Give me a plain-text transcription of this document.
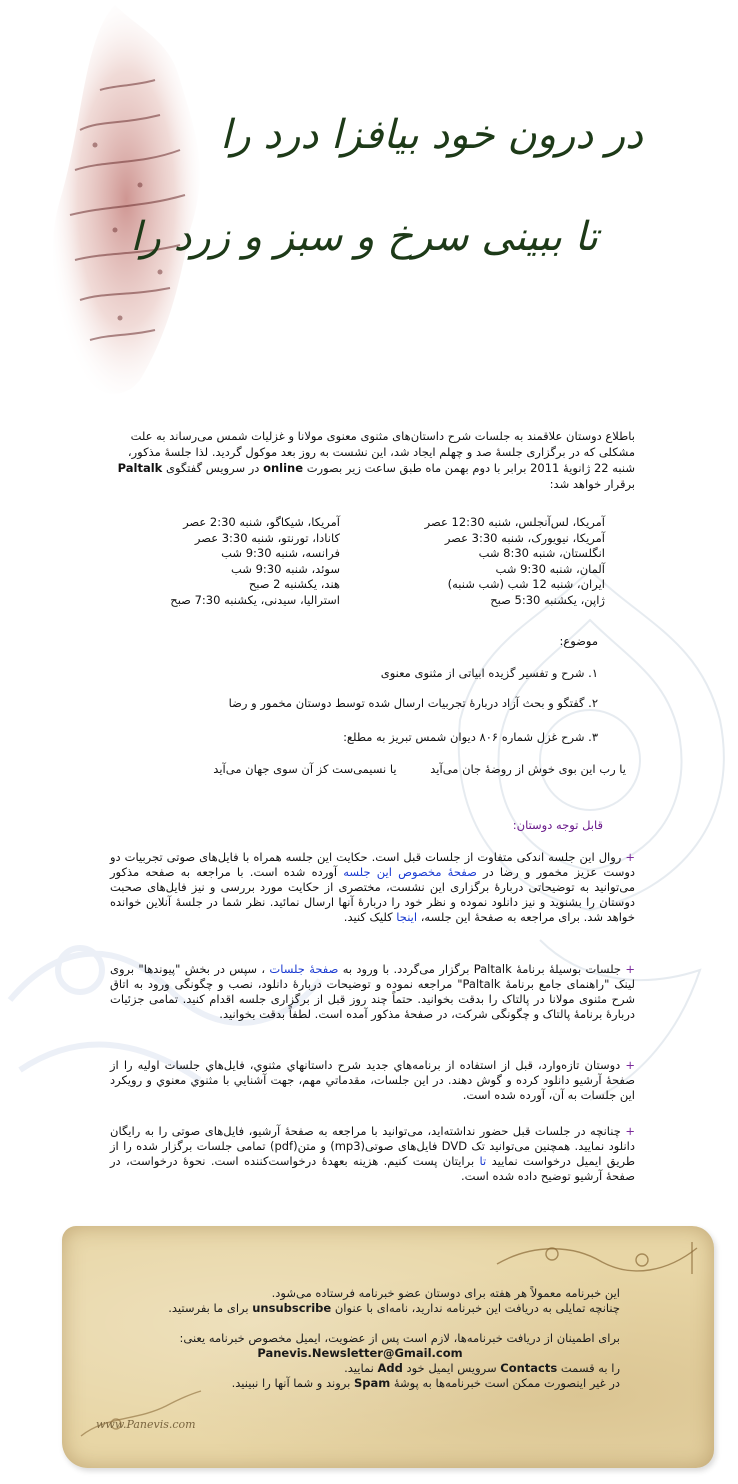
در درون خود بیافزا درد را
تا ببینی سرخ و سبز و زرد را
باطلاع دوستان علاقمند به جلسات شرح داستان‌های مثنوی معنوی مولانا و غزلیات شمس می‌رساند به علت مشکلی که در برگزاری جلسهٔ صد و چهلم ایجاد شد، این نشست به روز بعد موکول گردید. لذا جلسهٔ مذکور، شنبه 22 ژانویهٔ 2011 برابر با دوم بهمن ماه طبق ساعت زیر بصورت online در سرویس گفتگوی Paltalk برقرار خواهد شد:
آمریکا، لس‌آنجلس، شنبه 12:30 عصر
آمریکا، شیکاگو، شنبه 2:30 عصر
آمریکا، نیویورک، شنبه 3:30 عصر
کانادا، تورنتو، شنبه 3:30 عصر
انگلستان، شنبه 8:30 شب
فرانسه، شنبه 9:30 شب
آلمان، شنبه 9:30 شب
سوئد، شنبه 9:30 شب
ایران، شنبه 12 شب (شب شنبه)
هند، یکشنبه 2 صبح
ژاپن، یکشنبه 5:30 صبح
استرالیا، سیدنی، یکشنبه 7:30 صبح
موضوع:
۱. شرح و تفسیر گزیده ابیاتی از مثنوی معنوی
۲. گفتگو و بحث آزاد دربارهٔ تجربیات ارسال شده توسط دوستان مخمور و رضا
۳. شرح غزل شماره ۸۰۶ دیوان شمس تبریز به مطلع:
یا رب این بوی خوش از روضهٔ جان می‌آید یا نسیمی‌ست کز آن سوی جهان می‌آید
قابل توجه دوستان:
+ روال این جلسه اندکی متفاوت از جلسات قبل است. حکایت این جلسه همراه با فایل‌های صوتی تجربیات دو دوست عزیز مخمور و رضا در صفحهٔ مخصوص این جلسه آورده شده است. با مراجعه به صفحه مذکور می‌توانید به توضیحاتی دربارهٔ برگزاری این نشست، مختصری از حکایت مورد بررسی و نیز فایل‌های صحبت دوستان را بشنوید و نیز دانلود نموده و نظر خود را دربارهٔ آنها ارسال نمائید. نظر شما در جلسهٔ آنلاین خوانده خواهد شد. برای مراجعه به صفحهٔ این جلسه، اینجا کلیک کنید.
+ جلسات بوسیلهٔ برنامهٔ Paltalk برگزار می‌گردد. با ورود به صفحهٔ جلسات ، سپس در بخش "پیوندها" بروی لینک "راهنمای جامع برنامهٔ Paltalk" مراجعه نموده و توضیحات دربارهٔ دانلود، نصب و چگونگی ورود به اتاق شرح مثنوی مولانا در پالتاک را بدقت بخوانید. حتماً چند روز قبل از برگزاری جلسه اقدام کنید. تمامی جزئیات دربارهٔ برنامهٔ پالتاک و چگونگی شرکت، در صفحهٔ مذکور آمده است. لطفاً بدقت بخوانید.
+ دوستان تازه‌وارد، قبل از استفاده از برنامه‌هاي جديد شرح داستانهاي مثنوي، فايل‌هاي جلسات اوليه را از صفحهٔ آرشيو دانلود کرده و گوش دهند. در اين جلسات، مقدماتي مهم، جهت آشنايي با مثنوي معنوي و رويکرد اين جلسات به آن، آورده شده است.
+ چنانچه در جلسات قبل حضور نداشته‌اید، می‌توانید با مراجعه به صفحهٔ آرشیو، فایل‌های صوتی را به رایگان دانلود نمایید. همچنین می‌توانید تک DVD فایل‌های صوتی(mp3) و متن(pdf) تمامی جلسات برگزار شده را از طریق ایمیل درخواست نمایید تا برایتان پست کنیم. هزینه بعهدهٔ درخواست‌کننده است. نحوهٔ درخواست، در صفحهٔ آرشیو توضیح داده شده است.
این خبرنامه معمولاً هر هفته برای دوستان عضو خبرنامه فرستاده می‌شود.
چنانچه تمایلی به دریافت این خبرنامه ندارید، نامه‌ای با عنوان unsubscribe برای ما بفرستید.
برای اطمینان از دریافت خبرنامه‌ها، لازم است پس از عضویت، ایمیل مخصوص خبرنامه یعنی:
Panevis.Newsletter@Gmail.com
را به قسمت Contacts سرویس ایمیل خود Add نمایید.
در غیر اینصورت ممکن است خبرنامه‌ها به پوشهٔ Spam بروند و شما آنها را نبینید.
www.Panevis.com
